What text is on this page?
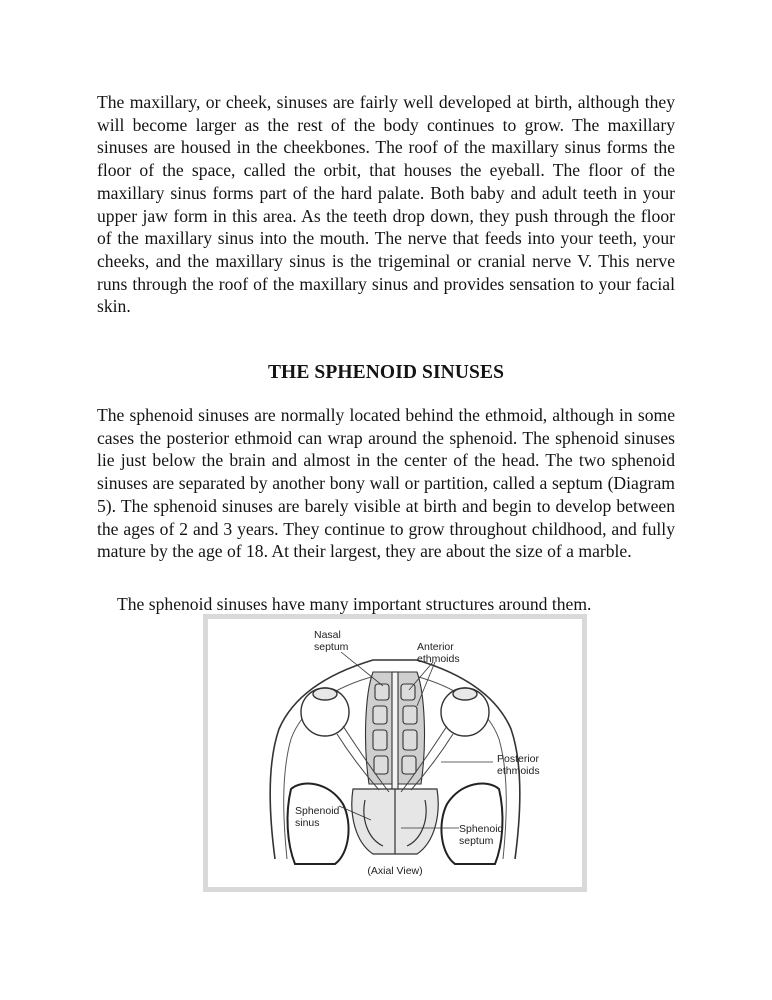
The maxillary, or cheek, sinuses are fairly well developed at birth, although they will become larger as the rest of the body continues to grow. The maxillary sinuses are housed in the cheekbones. The roof of the maxillary sinus forms the floor of the space, called the orbit, that houses the eyeball. The floor of the maxillary sinus forms part of the hard palate. Both baby and adult teeth in your upper jaw form in this area. As the teeth drop down, they push through the floor of the maxillary sinus into the mouth. The nerve that feeds into your teeth, your cheeks, and the maxillary sinus is the trigeminal or cranial nerve V. This nerve runs through the roof of the maxillary sinus and provides sensation to your facial skin.

THE SPHENOID SINUSES

The sphenoid sinuses are normally located behind the ethmoid, although in some cases the posterior ethmoid can wrap around the sphenoid. The sphenoid sinuses lie just below the brain and almost in the center of the head. The two sphenoid sinuses are separated by another bony wall or partition, called a septum (Diagram 5). The sphenoid sinuses are barely visible at birth and begin to develop between the ages of 2 and 3 years. They continue to grow throughout childhood, and fully mature by the age of 18. At their largest, they are about the size of a marble.

The sphenoid sinuses have many important structures around them.

Nasal
septum	Anterior
ethmoids
Posterior
ethmoids
Sphenoid
sinus	Sphenoid
septum
(Axial View)
